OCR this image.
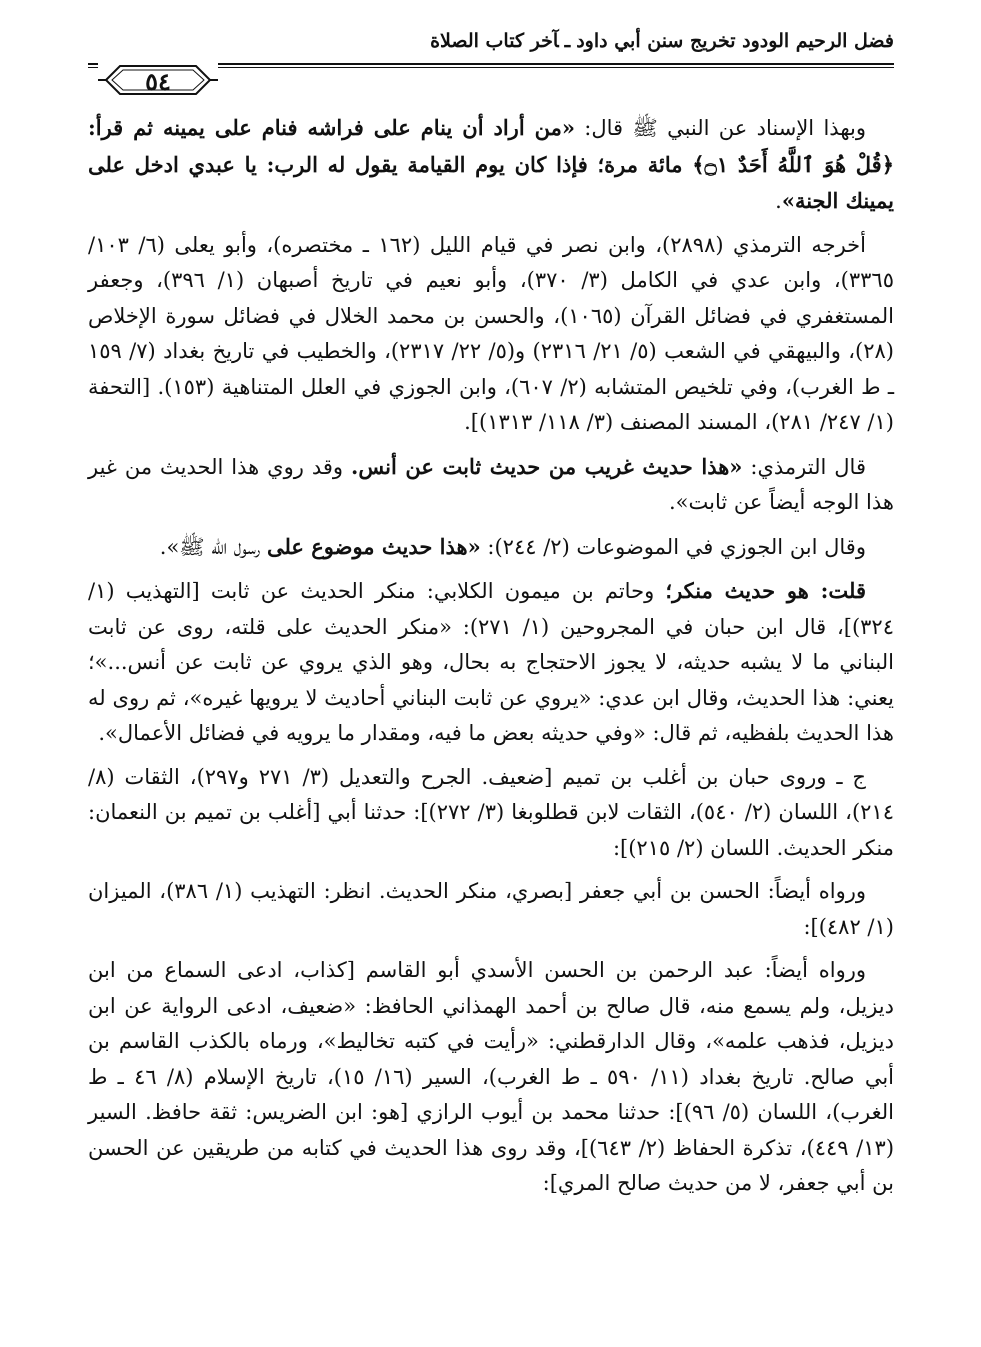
فضل الرحيم الودود تخريج سنن أبي داودـآخر كتاب الصلاة
٥٤

وبهذا الإسناد عن النبي ﷺ قال: «من أراد أن ينام على فراشه فنام على يمينه ثم قرأ: ﴿قُلْ هُوَ ٱللَّهُ أَحَدٌ ۝١﴾ مائة مرة؛ فإذا كان يوم القيامة يقول له الرب: يا عبدي ادخل على يمينك الجنة».

أخرجه الترمذي (٢٨٩٨)، وابن نصر في قيام الليل (١٦٢ ـ مختصره)، وأبو يعلى (٦/ ١٠٣/ ٣٣٦٥)، وابن عدي في الكامل (٣/ ٣٧٠)، وأبو نعيم في تاريخ أصبهان (١/ ٣٩٦)، وجعفر المستغفري في فضائل القرآن (١٠٦٥)، والحسن بن محمد الخلال في فضائل سورة الإخلاص (٢٨)، والبيهقي في الشعب (٥/ ٢١/ ٢٣١٦) و(٥/ ٢٢/ ٢٣١٧)، والخطيب في تاريخ بغداد (٧/ ١٥٩ ـ ط الغرب)، وفي تلخيص المتشابه (٢/ ٦٠٧)، وابن الجوزي في العلل المتناهية (١٥٣). [التحفة (١/ ٢٤٧/ ٢٨١)، المسند المصنف (٣/ ١١٨/ ١٣١٣)].

قال الترمذي: «هذا حديث غريب من حديث ثابت عن أنس. وقد روي هذا الحديث من غير هذا الوجه أيضاً عن ثابت».

وقال ابن الجوزي في الموضوعات (٢/ ٢٤٤): «هذا حديث موضوع على رسول الله ﷺ».

قلت: هو حديث منكر؛ وحاتم بن ميمون الكلابي: منكر الحديث عن ثابت [التهذيب (١/ ٣٢٤)]، قال ابن حبان في المجروحين (١/ ٢٧١): «منكر الحديث على قلته، روى عن ثابت البناني ما لا يشبه حديثه، لا يجوز الاحتجاج به بحال، وهو الذي يروي عن ثابت عن أنس...»؛ يعني: هذا الحديث، وقال ابن عدي: «يروي عن ثابت البناني أحاديث لا يرويها غيره»، ثم روى له هذا الحديث بلفظيه، ثم قال: «وفي حديثه بعض ما فيه، ومقدار ما يرويه في فضائل الأعمال».

ج ـ وروى حبان بن أغلب بن تميم [ضعيف. الجرح والتعديل (٣/ ٢٧١ و٢٩٧)، الثقات (٨/ ٢١٤)، اللسان (٢/ ٥٤٠)، الثقات لابن قطلوبغا (٣/ ٢٧٢)]: حدثنا أبي [أغلب بن تميم بن النعمان: منكر الحديث. اللسان (٢/ ٢١٥)]:

ورواه أيضاً: الحسن بن أبي جعفر [بصري، منكر الحديث. انظر: التهذيب (١/ ٣٨٦)، الميزان (١/ ٤٨٢)]:

ورواه أيضاً: عبد الرحمن بن الحسن الأسدي أبو القاسم [كذاب، ادعى السماع من ابن ديزيل، ولم يسمع منه، قال صالح بن أحمد الهمذاني الحافظ: «ضعيف، ادعى الرواية عن ابن ديزيل، فذهب علمه»، وقال الدارقطني: «رأيت في كتبه تخاليط»، ورماه بالكذب القاسم بن أبي صالح. تاريخ بغداد (١١/ ٥٩٠ ـ ط الغرب)، السير (١٦/ ١٥)، تاريخ الإسلام (٨/ ٤٦ ـ ط الغرب)، اللسان (٥/ ٩٦)]: حدثنا محمد بن أيوب الرازي [هو: ابن الضريس: ثقة حافظ. السير (١٣/ ٤٤٩)، تذكرة الحفاظ (٢/ ٦٤٣)]، وقد روى هذا الحديث في كتابه من طريقين عن الحسن بن أبي جعفر، لا من حديث صالح المري]:
